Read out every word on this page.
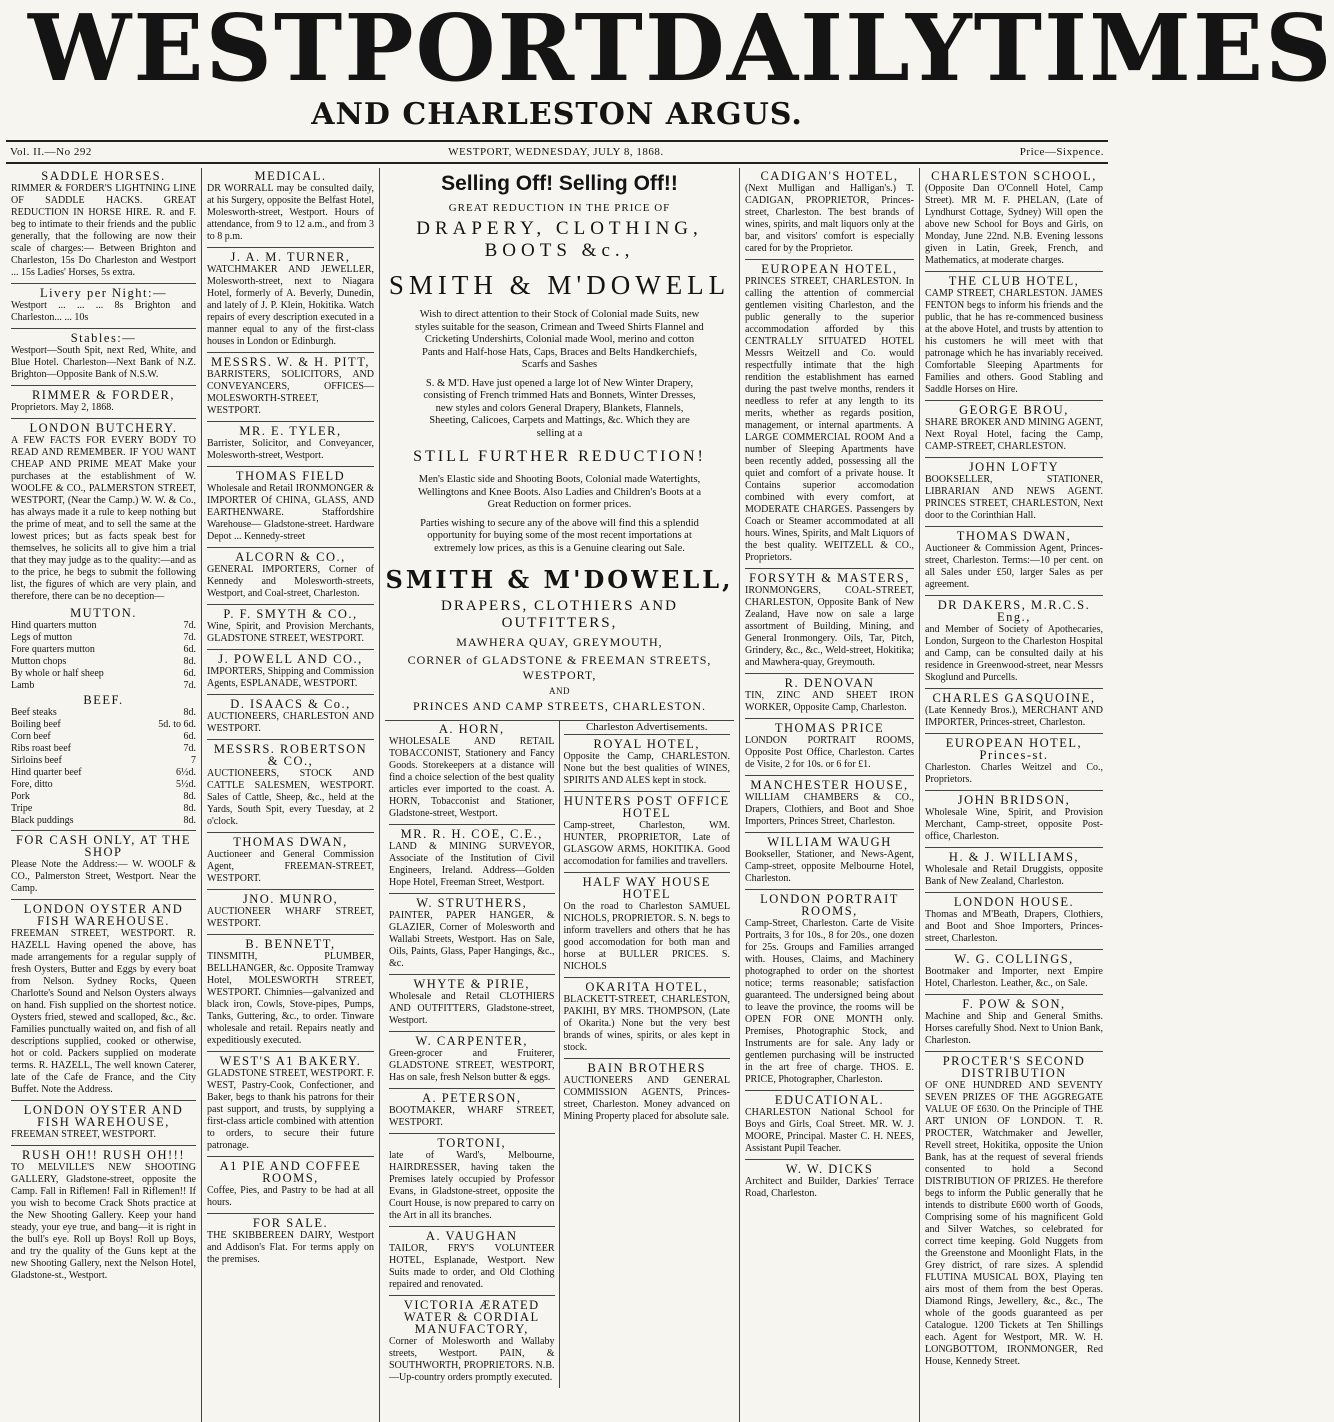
WESTPORT DAILY TIMES
AND CHARLESTON ARGUS.
Vol. II.—No 292	WESTPORT, WEDNESDAY, JULY 8, 1868.	Price—Sixpence.
SADDLE HORSES.

RIMMER & FORDER'S LIGHTNING LINE OF SADDLE HACKS. GREAT REDUCTION IN HORSE HIRE. R. and F. beg to intimate to their friends and the public generally, that the following are now their scale of charges:— Between Brighton and Charleston, 15s Do Charleston and Westport ... 15s Ladies' Horses, 5s extra.

Livery per Night:—

Westport ... ... ... 8s Brighton and Charleston... ... 10s

Stables:—

Westport—South Spit, next Red, White, and Blue Hotel. Charleston—Next Bank of N.Z. Brighton—Opposite Bank of N.S.W.

RIMMER & FORDER,

Proprietors. May 2, 1868.

LONDON BUTCHERY.

A FEW FACTS FOR EVERY BODY TO READ AND REMEMBER. IF YOU WANT CHEAP AND PRIME MEAT Make your purchases at the establishment of W. WOOLFE & CO., PALMERSTON STREET, WESTPORT, (Near the Camp.) W. W. & Co., has always made it a rule to keep nothing but the prime of meat, and to sell the same at the lowest prices; but as facts speak best for themselves, he solicits all to give him a trial that they may judge as to the quality:—and as to the price, he begs to submit the following list, the figures of which are very plain, and therefore, there can be no deception—

MUTTON.
Hind quarters mutton	7d.
Legs of mutton	7d.
Fore quarters mutton	6d.
Mutton chops	8d.
By whole or half sheep	6d.
Lamb	7d.
BEEF.
Beef steaks	8d.
Boiling beef	5d. to 6d.
Corn beef	6d.
Ribs roast beef	7d.
Sirloins beef	7
Hind quarter beef	6½d.
Fore, ditto	5½d.
Pork	8d.
Tripe	8d.
Black puddings	8d.
FOR CASH ONLY, AT THE SHOP

Please Note the Address:— W. WOOLF & CO., Palmerston Street, Westport. Near the Camp.

LONDON OYSTER AND FISH WAREHOUSE.

FREEMAN STREET, WESTPORT. R. HAZELL Having opened the above, has made arrangements for a regular supply of fresh Oysters, Butter and Eggs by every boat from Nelson. Sydney Rocks, Queen Charlotte's Sound and Nelson Oysters always on hand. Fish supplied on the shortest notice. Oysters fried, stewed and scalloped, &c., &c. Families punctually waited on, and fish of all descriptions supplied, cooked or otherwise, hot or cold. Packers supplied on moderate terms. R. HAZELL, The well known Caterer, late of the Cafe de France, and the City Buffet. Note the Address.

LONDON OYSTER AND FISH WAREHOUSE,

FREEMAN STREET, WESTPORT.

RUSH OH!! RUSH OH!!!

TO MELVILLE'S NEW SHOOTING GALLERY, Gladstone-street, opposite the Camp. Fall in Riflemen! Fall in Riflemen!! If you wish to become Crack Shots practice at the New Shooting Gallery. Keep your hand steady, your eye true, and bang—it is right in the bull's eye. Roll up Boys! Roll up Boys, and try the quality of the Guns kept at the new Shooting Gallery, next the Nelson Hotel, Gladstone-st., Westport.

MEDICAL.

DR WORRALL may be consulted daily, at his Surgery, opposite the Belfast Hotel, Molesworth-street, Westport. Hours of attendance, from 9 to 12 a.m., and from 3 to 8 p.m.

J. A. M. TURNER,

WATCHMAKER AND JEWELLER, Molesworth-street, next to Niagara Hotel, formerly of A. Beverly, Dunedin, and lately of J. P. Klein, Hokitika. Watch repairs of every description executed in a manner equal to any of the first-class houses in London or Edinburgh.

MESSRS. W. & H. PITT,

BARRISTERS, SOLICITORS, AND CONVEYANCERS, OFFICES—MOLESWORTH-STREET, WESTPORT.

MR. E. TYLER,

Barrister, Solicitor, and Conveyancer, Molesworth-street, Westport.

THOMAS FIELD

Wholesale and Retail IRONMONGER & IMPORTER Of CHINA, GLASS, AND EARTHENWARE. Staffordshire Warehouse— Gladstone-street. Hardware Depot ... Kennedy-street

ALCORN & CO.,

GENERAL IMPORTERS, Corner of Kennedy and Molesworth-streets, Westport, and Coal-street, Charleston.

P. F. SMYTH & CO.,

Wine, Spirit, and Provision Merchants, GLADSTONE STREET, WESTPORT.

J. POWELL AND CO.,

IMPORTERS, Shipping and Commission Agents, ESPLANADE, WESTPORT.

D. ISAACS & Co.,

AUCTIONEERS, CHARLESTON AND WESTPORT.

MESSRS. ROBERTSON & CO.,

AUCTIONEERS, STOCK AND CATTLE SALESMEN, WESTPORT. Sales of Cattle, Sheep, &c., held at the Yards, South Spit, every Tuesday, at 2 o'clock.

THOMAS DWAN,

Auctioneer and General Commission Agent, FREEMAN-STREET, WESTPORT.

JNO. MUNRO,

AUCTIONEER WHARF STREET, WESTPORT.

B. BENNETT,

TINSMITH, PLUMBER, BELLHANGER, &c. Opposite Tramway Hotel, MOLESWORTH STREET, WESTPORT. Chimnies—galvanized and black iron, Cowls, Stove-pipes, Pumps, Tanks, Guttering, &c., to order. Tinware wholesale and retail. Repairs neatly and expeditiously executed.

WEST'S A1 BAKERY.

GLADSTONE STREET, WESTPORT. F. WEST, Pastry-Cook, Confectioner, and Baker, begs to thank his patrons for their past support, and trusts, by supplying a first-class article combined with attention to orders, to secure their future patronage.

A1 PIE AND COFFEE ROOMS,

Coffee, Pies, and Pastry to be had at all hours.

FOR SALE.

THE SKIBBEREEN DAIRY, Westport and Addison's Flat. For terms apply on the premises.

Selling Off! Selling Off!!
GREAT REDUCTION IN THE PRICE OF
DRAPERY, CLOTHING, BOOTS &c.,
SMITH & M'DOWELL
Wish to direct attention to their Stock of Colonial made Suits, new styles suitable for the season, Crimean and Tweed Shirts Flannel and Cricketing Undershirts, Colonial made Wool, merino and cotton Pants and Half-hose Hats, Caps, Braces and Belts Handkerchiefs, Scarfs and Sashes
S. & M'D. Have just opened a large lot of New Winter Drapery, consisting of French trimmed Hats and Bonnets, Winter Dresses, new styles and colors General Drapery, Blankets, Flannels, Sheeting, Calicoes, Carpets and Mattings, &c. Which they are selling at a
STILL FURTHER REDUCTION!
Men's Elastic side and Shooting Boots, Colonial made Watertights, Wellingtons and Knee Boots. Also Ladies and Children's Boots at a Great Reduction on former prices.
Parties wishing to secure any of the above will find this a splendid opportunity for buying some of the most recent importations at extremely low prices, as this is a Genuine clearing out Sale.
SMITH & M'DOWELL,
DRAPERS, CLOTHIERS AND OUTFITTERS,
MAWHERA QUAY, GREYMOUTH,
CORNER of GLADSTONE & FREEMAN STREETS, WESTPORT,
AND
PRINCES AND CAMP STREETS, CHARLESTON.
A. HORN,

WHOLESALE AND RETAIL TOBACCONIST, Stationery and Fancy Goods. Storekeepers at a distance will find a choice selection of the best quality articles ever imported to the coast. A. HORN, Tobacconist and Stationer, Gladstone-street, Westport.

MR. R. H. COE, C.E.,

LAND & MINING SURVEYOR, Associate of the Institution of Civil Engineers, Ireland. Address—Golden Hope Hotel, Freeman Street, Westport.

W. STRUTHERS,

PAINTER, PAPER HANGER, & GLAZIER, Corner of Molesworth and Wallabi Streets, Westport. Has on Sale, Oils, Paints, Glass, Paper Hangings, &c., &c.

WHYTE & PIRIE,

Wholesale and Retail CLOTHIERS AND OUTFITTERS, Gladstone-street, Westport.

W. CARPENTER,

Green-grocer and Fruiterer, GLADSTONE STREET, WESTPORT, Has on sale, fresh Nelson butter & eggs.

A. PETERSON,

BOOTMAKER, WHARF STREET, WESTPORT.

TORTONI,

late of Ward's, Melbourne, HAIRDRESSER, having taken the Premises lately occupied by Professor Evans, in Gladstone-street, opposite the Court House, is now prepared to carry on the Art in all its branches.

A. VAUGHAN

TAILOR, FRY'S VOLUNTEER HOTEL, Esplanade, Westport. New Suits made to order, and Old Clothing repaired and renovated.

VICTORIA ÆRATED WATER & CORDIAL MANUFACTORY,

Corner of Molesworth and Wallaby streets, Westport. PAIN, & SOUTHWORTH, PROPRIETORS. N.B.—Up-country orders promptly executed.

Charleston Advertisements.
ROYAL HOTEL,

Opposite the Camp, CHARLESTON. None but the best qualities of WINES, SPIRITS AND ALES kept in stock.

HUNTERS POST OFFICE HOTEL

Camp-street, Charleston, WM. HUNTER, PROPRIETOR, Late of GLASGOW ARMS, HOKITIKA. Good accomodation for families and travellers.

HALF WAY HOUSE HOTEL

On the road to Charleston SAMUEL NICHOLS, PROPRIETOR. S. N. begs to inform travellers and others that he has good accomodation for both man and horse at BULLER PRICES. S. NICHOLS

OKARITA HOTEL,

BLACKETT-STREET, CHARLESTON, PAKIHI, BY MRS. THOMPSON, (Late of Okarita.) None but the very best brands of wines, spirits, or ales kept in stock.

BAIN BROTHERS

AUCTIONEERS AND GENERAL COMMISSION AGENTS, Princes-street, Charleston. Money advanced on Mining Property placed for absolute sale.

CADIGAN'S HOTEL,

(Next Mulligan and Halligan's.) T. CADIGAN, PROPRIETOR, Princes-street, Charleston. The best brands of wines, spirits, and malt liquors only at the bar, and visitors' comfort is especially cared for by the Proprietor.

EUROPEAN HOTEL,

PRINCES STREET, CHARLESTON. In calling the attention of commercial gentlemen visiting Charleston, and the public generally to the superior accommodation afforded by this CENTRALLY SITUATED HOTEL Messrs Weitzell and Co. would respectfully intimate that the high rendition the establishment has earned during the past twelve months, renders it needless to refer at any length to its merits, whether as regards position, management, or internal apartments. A LARGE COMMERCIAL ROOM And a number of Sleeping Apartments have been recently added, possessing all the quiet and comfort of a private house. It Contains superior accomodation combined with every comfort, at MODERATE CHARGES. Passengers by Coach or Steamer accommodated at all hours. Wines, Spirits, and Malt Liquors of the best quality. WEITZELL & CO., Proprietors.

FORSYTH & MASTERS,

IRONMONGERS, COAL-STREET, CHARLESTON, Opposite Bank of New Zealand, Have now on sale a large assortment of Building, Mining, and General Ironmongery. Oils, Tar, Pitch, Grindery, &c., &c., Weld-street, Hokitika; and Mawhera-quay, Greymouth.

R. DENOVAN

TIN, ZINC AND SHEET IRON WORKER, Opposite Camp, Charleston.

THOMAS PRICE

LONDON PORTRAIT ROOMS, Opposite Post Office, Charleston. Cartes de Visite, 2 for 10s. or 6 for £1.

MANCHESTER HOUSE,

WILLIAM CHAMBERS & CO., Drapers, Clothiers, and Boot and Shoe Importers, Princes Street, Charleston.

WILLIAM WAUGH

Bookseller, Stationer, and News-Agent, Camp-street, opposite Melbourne Hotel, Charleston.

LONDON PORTRAIT ROOMS,

Camp-Street, Charleston. Carte de Visite Portraits, 3 for 10s., 8 for 20s., one dozen for 25s. Groups and Families arranged with. Houses, Claims, and Machinery photographed to order on the shortest notice; terms reasonable; satisfaction guaranteed. The undersigned being about to leave the province, the rooms will be OPEN FOR ONE MONTH only. Premises, Photographic Stock, and Instruments are for sale. Any lady or gentlemen purchasing will be instructed in the art free of charge. THOS. E. PRICE, Photographer, Charleston.

EDUCATIONAL.

CHARLESTON National School for Boys and Girls, Coal Street. MR. W. J. MOORE, Principal. Master C. H. NEES, Assistant Pupil Teacher.

W. W. DICKS

Architect and Builder, Darkies' Terrace Road, Charleston.

CHARLESTON SCHOOL,

(Opposite Dan O'Connell Hotel, Camp Street). MR M. F. PHELAN, (Late of Lyndhurst Cottage, Sydney) Will open the above new School for Boys and Girls, on Monday, June 22nd. N.B. Evening lessons given in Latin, Greek, French, and Mathematics, at moderate charges.

THE CLUB HOTEL,

CAMP STREET, CHARLESTON. JAMES FENTON begs to inform his friends and the public, that he has re-commenced business at the above Hotel, and trusts by attention to his customers he will meet with that patronage which he has invariably received. Comfortable Sleeping Apartments for Families and others. Good Stabling and Saddle Horses on Hire.

GEORGE BROU,

SHARE BROKER AND MINING AGENT, Next Royal Hotel, facing the Camp, CAMP-STREET, CHARLESTON.

JOHN LOFTY

BOOKSELLER, STATIONER, LIBRARIAN AND NEWS AGENT. PRINCES STREET, CHARLESTON, Next door to the Corinthian Hall.

THOMAS DWAN,

Auctioneer & Commission Agent, Princes-street, Charleston. Terms:—10 per cent. on all Sales under £50, larger Sales as per agreement.

DR DAKERS, M.R.C.S. Eng.,

and Member of Society of Apothecaries, London, Surgeon to the Charleston Hospital and Camp, can be consulted daily at his residence in Greenwood-street, near Messrs Skoglund and Purcells.

CHARLES GASQUOINE,

(Late Kennedy Bros.), MERCHANT AND IMPORTER, Princes-street, Charleston.

EUROPEAN HOTEL, Princes-st.

Charleston. Charles Weitzel and Co., Proprietors.

JOHN BRIDSON,

Wholesale Wine, Spirit, and Provision Merchant, Camp-street, opposite Post-office, Charleston.

H. & J. WILLIAMS,

Wholesale and Retail Druggists, opposite Bank of New Zealand, Charleston.

LONDON HOUSE.

Thomas and M'Beath, Drapers, Clothiers, and Boot and Shoe Importers, Princes-street, Charleston.

W. G. COLLINGS,

Bootmaker and Importer, next Empire Hotel, Charleston. Leather, &c., on Sale.

F. POW & SON,

Machine and Ship and General Smiths. Horses carefully Shod. Next to Union Bank, Charleston.

PROCTER'S SECOND DISTRIBUTION

OF ONE HUNDRED AND SEVENTY SEVEN PRIZES OF THE AGGREGATE VALUE OF £630. On the Principle of THE ART UNION OF LONDON. T. R. PROCTER, Watchmaker and Jeweller, Revell street, Hokitika, opposite the Union Bank, has at the request of several friends consented to hold a Second DISTRIBUTION OF PRIZES. He therefore begs to inform the Public generally that he intends to distribute £600 worth of Goods, Comprising some of his magnificent Gold and Silver Watches, so celebrated for correct time keeping. Gold Nuggets from the Greenstone and Moonlight Flats, in the Grey district, of rare sizes. A splendid FLUTINA MUSICAL BOX, Playing ten airs most of them from the best Operas. Diamond Rings, Jewellery, &c., &c., The whole of the goods guaranteed as per Catalogue. 1200 Tickets at Ten Shillings each. Agent for Westport, MR. W. H. LONGBOTTOM, IRONMONGER, Red House, Kennedy Street.
